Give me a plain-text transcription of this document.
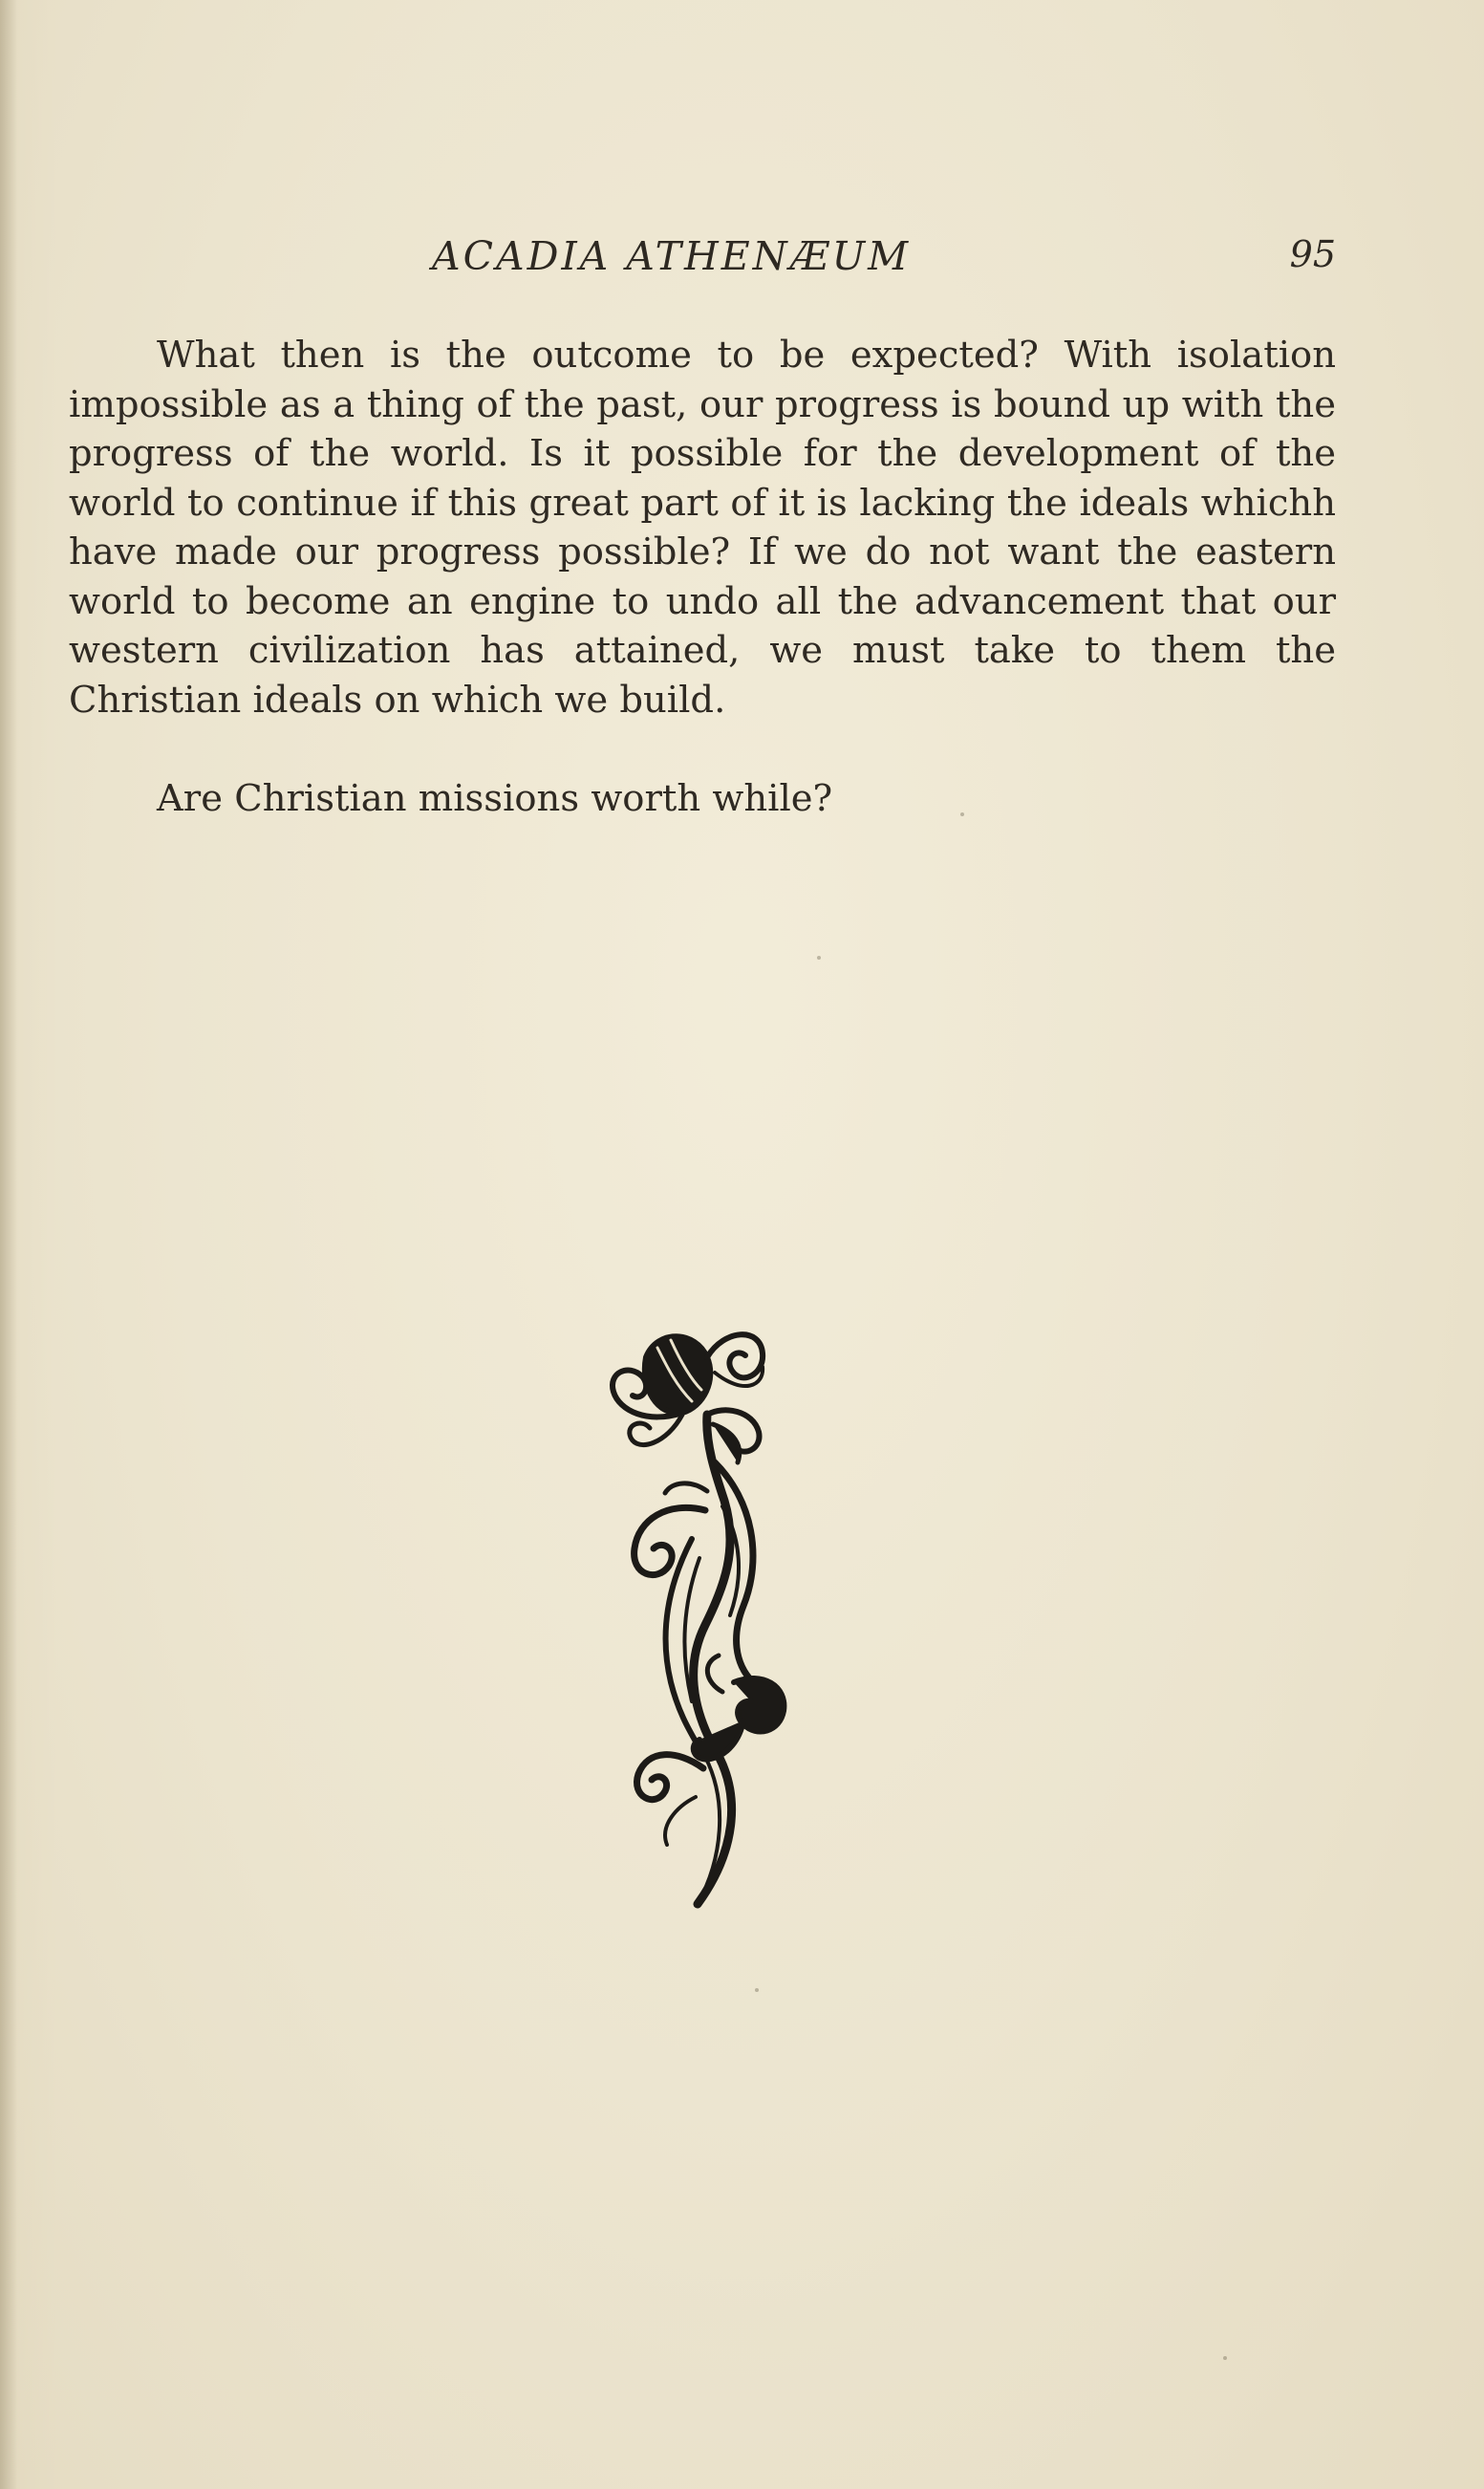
ACADIA ATHENÆUM	95

What then is the outcome to be expected? With isolation impossible as a thing of the past, our progress is bound up with the progress of the world. Is it possible for the development of the world to continue if this great part of it is lacking the ideals whichh have made our progress possible? If we do not want the eastern world to become an engine to undo all the advancement that our western civilization has attained, we must take to them the Christian ideals on which we build.

Are Christian missions worth while?
